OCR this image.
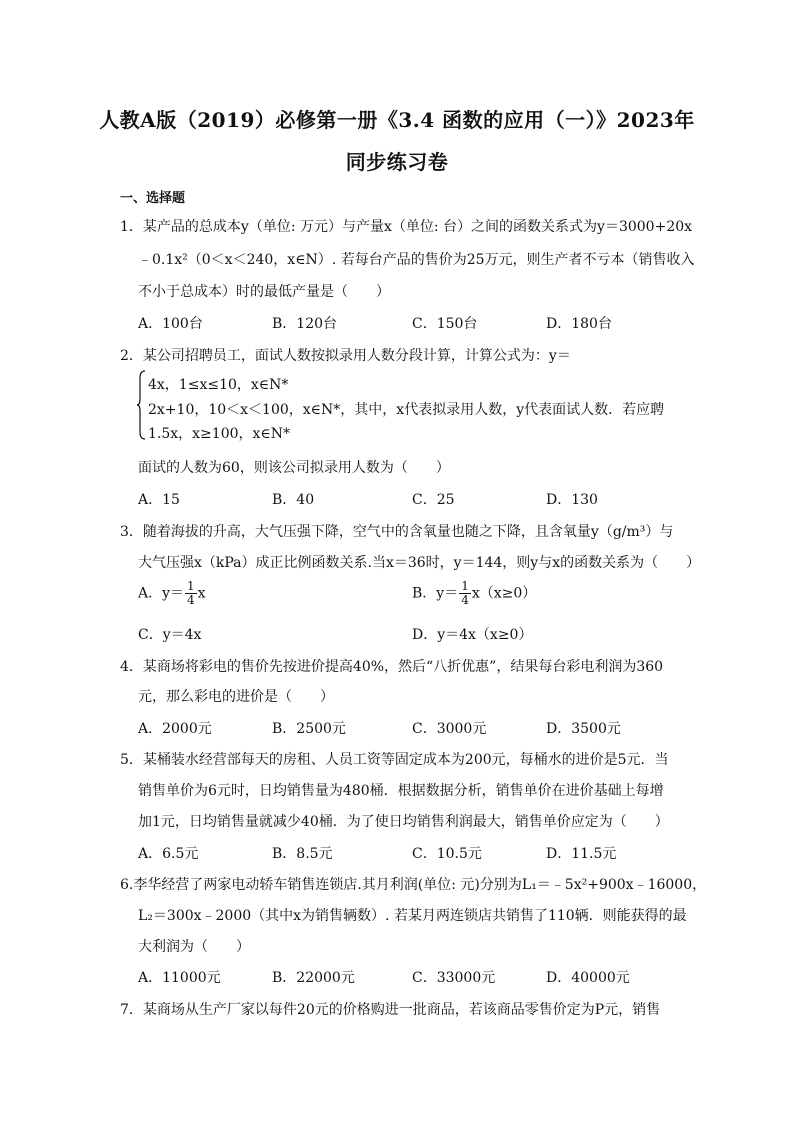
人教A版（2019）必修第一册《3.4 函数的应用（一）》2023年
同步练习卷
一、选择题
1．某产品的总成本y（单位: 万元）与产量x（单位: 台）之间的函数关系式为y＝3000+20x
﹣0.1x²（0＜x＜240，x∈N）. 若每台产品的售价为25万元，则生产者不亏本（销售收入
不小于总成本）时的最低产量是（　　）
A．100台	B．120台	C．150台	D．180台
2．某公司招聘员工，面试人数按拟录用人数分段计算，计算公式为：y＝
4x，1≤x≤10，x∈N*
2x+10，10＜x＜100，x∈N*，其中，x代表拟录用人数，y代表面试人数．若应聘
1.5x，x≥100，x∈N*
面试的人数为60，则该公司拟录用人数为（　　）
A．15	B．40	C．25	D．130
3．随着海拔的升高，大气压强下降，空气中的含氧量也随之下降，且含氧量y（g/m³）与
大气压强x（kPa）成正比例函数关系.当x＝36时，y＝144，则y与x的函数关系为（　　）
A．$y= \frac{1}{4}$ x	B．$y= \frac{1}{4} x(x\ge 0)$
C．y＝4x	D．y＝4x（x≥0）
4．某商场将彩电的售价先按进价提高40%，然后“八折优惠”，结果每台彩电利润为360
元，那么彩电的进价是（　　）
A．2000元	B．2500元	C．3000元	D．3500元
5．某桶装水经营部每天的房租、人员工资等固定成本为200元，每桶水的进价是5元．当
销售单价为6元时，日均销售量为480桶．根据数据分析，销售单价在进价基础上每增
加1元，日均销售量就减少40桶．为了使日均销售利润最大，销售单价应定为（　　）
A．6.5元	B．8.5元	C．10.5元	D．11.5元
6.李华经营了两家电动轿车销售连锁店.其月利润(单位: 元)分别为L₁＝﹣5x²+900x﹣16000，
L₂＝300x﹣2000（其中x为销售辆数）. 若某月两连锁店共销售了110辆．则能获得的最
大利润为（　　）
A．11000元	B．22000元	C．33000元	D．40000元
7．某商场从生产厂家以每件20元的价格购进一批商品，若该商品零售价定为P元，销售
